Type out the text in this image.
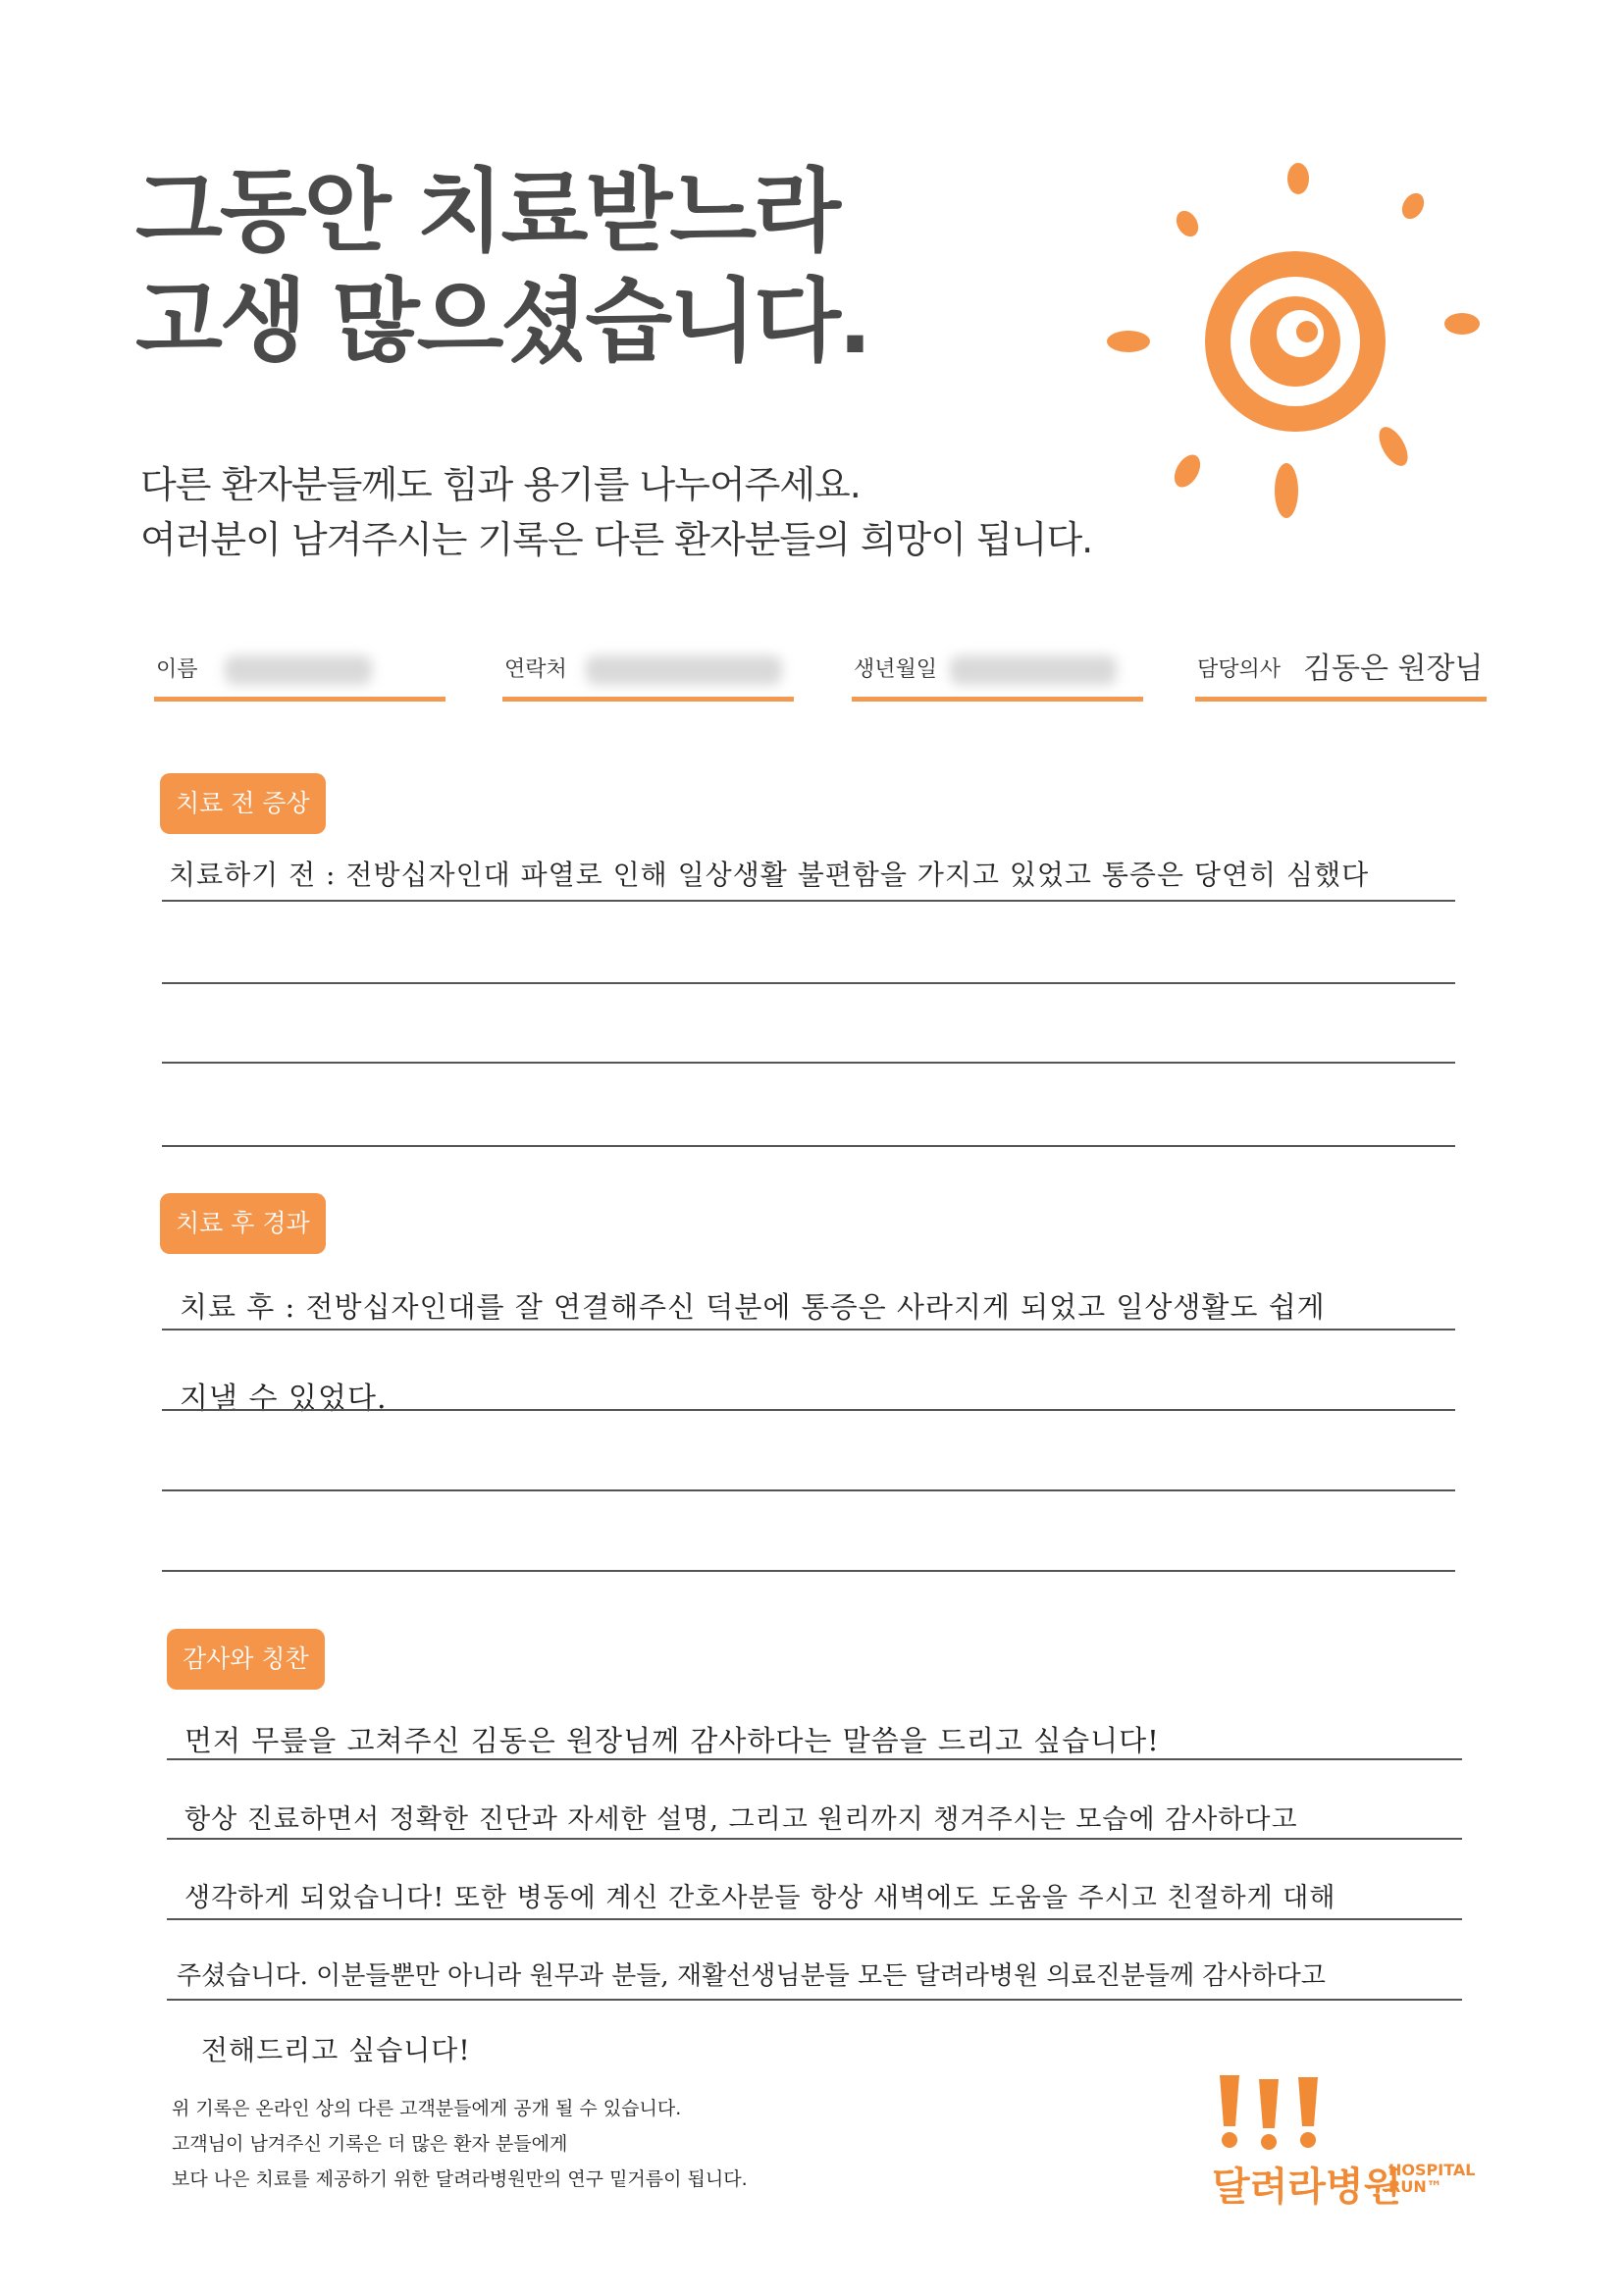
그동안 치료받느라
고생 많으셨습니다.
다른 환자분들께도 힘과 용기를 나누어주세요.
여러분이 남겨주시는 기록은 다른 환자분들의 희망이 됩니다.
이름	연락처	생년월일	담당의사 김동은 원장님
치료 전 증상
치료하기 전 : 전방십자인대 파열로 인해 일상생활 불편함을 가지고 있었고 통증은 당연히 심했다
치료 후 경과
치료 후 : 전방십자인대를 잘 연결해주신 덕분에 통증은 사라지게 되었고 일상생활도 쉽게
지낼 수 있었다.
감사와 칭찬
먼저 무릎을 고쳐주신 김동은 원장님께 감사하다는 말씀을 드리고 싶습니다!
항상 진료하면서 정확한 진단과 자세한 설명, 그리고 원리까지 챙겨주시는 모습에 감사하다고
생각하게 되었습니다! 또한 병동에 계신 간호사분들 항상 새벽에도 도움을 주시고 친절하게 대해
주셨습니다. 이분들뿐만 아니라 원무과 분들, 재활선생님분들 모든 달려라병원 의료진분들께 감사하다고
전해드리고 싶습니다!
위 기록은 온라인 상의 다른 고객분들에게 공개 될 수 있습니다.
고객님이 남겨주신 기록은 더 많은 환자 분들에게
보다 나은 치료를 제공하기 위한 달려라병원만의 연구 밑거름이 됩니다.	달려라병원
HOSPITAL
RUN™
